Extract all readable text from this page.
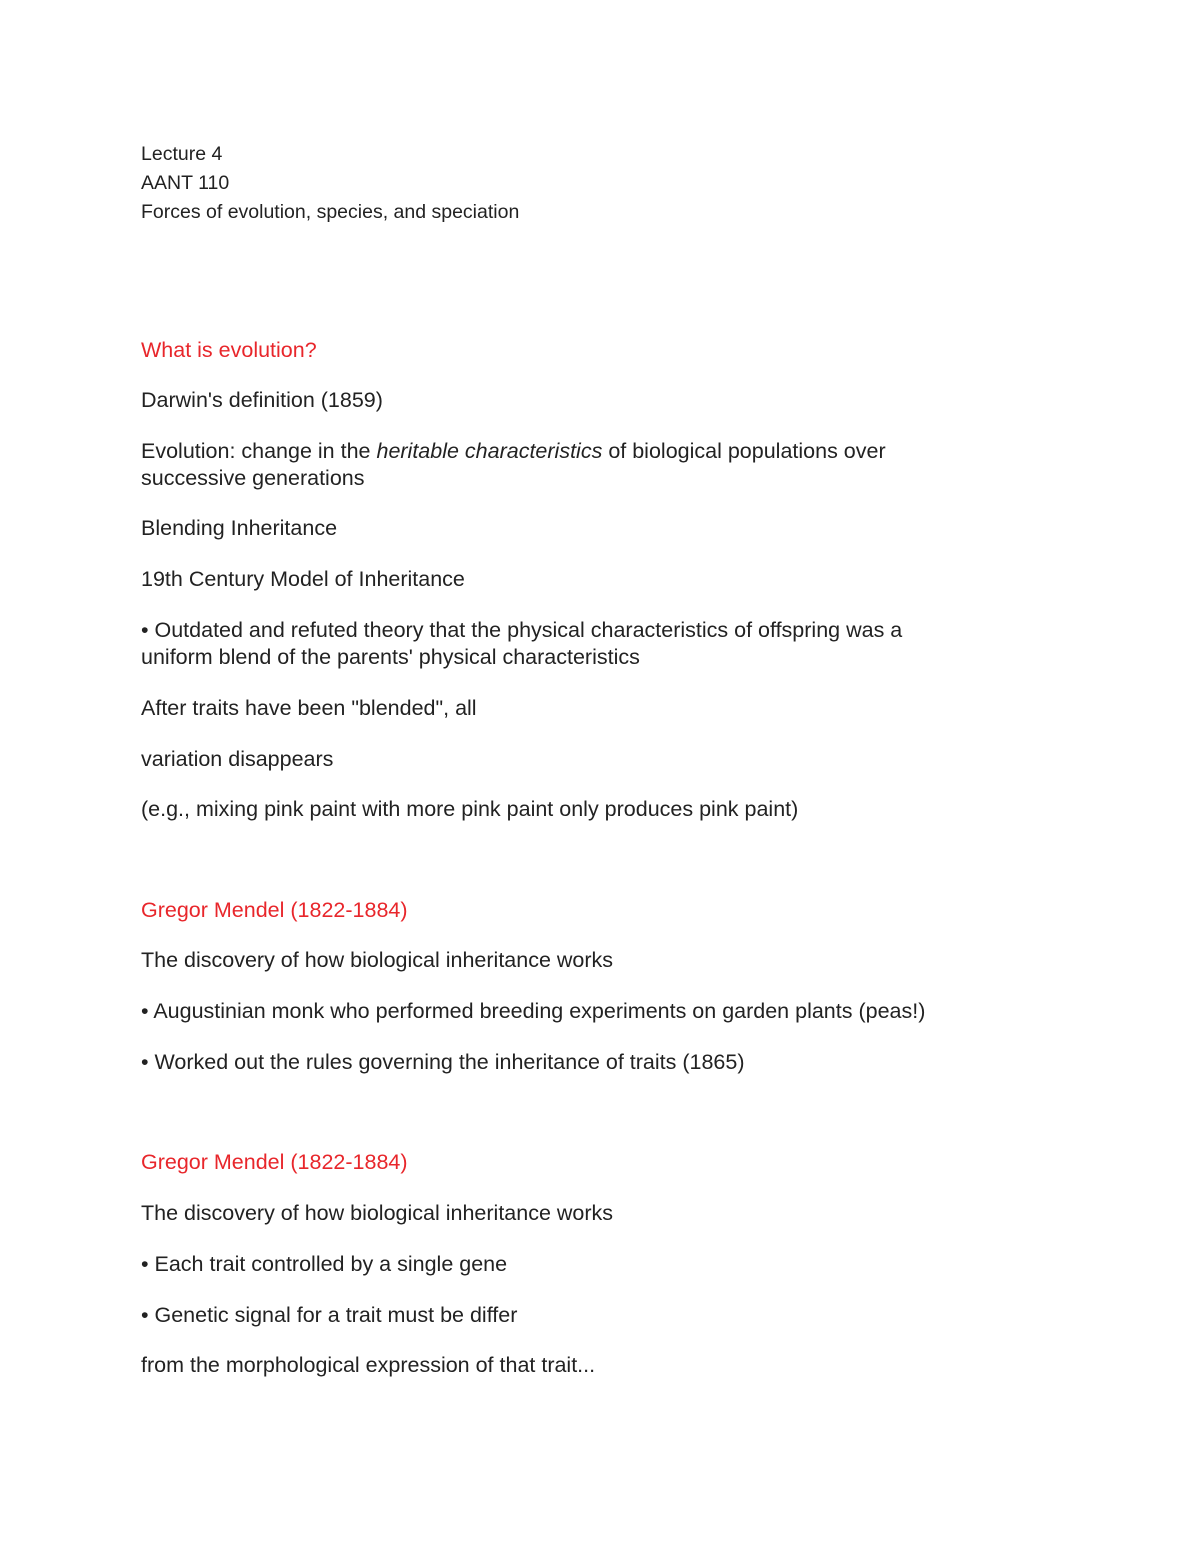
Lecture 4

AANT 110

Forces of evolution, species, and speciation

What is evolution?

Darwin's definition (1859)

Evolution: change in the heritable characteristics of biological populations over

successive generations

Blending Inheritance

19th Century Model of Inheritance

• Outdated and refuted theory that the physical characteristics of offspring was a

uniform blend of the parents' physical characteristics

After traits have been "blended", all

variation disappears

(e.g., mixing pink paint with more pink paint only produces pink paint)

Gregor Mendel (1822-1884)

The discovery of how biological inheritance works

• Augustinian monk who performed breeding experiments on garden plants (peas!)

• Worked out the rules governing the inheritance of traits (1865)

Gregor Mendel (1822-1884)

The discovery of how biological inheritance works

• Each trait controlled by a single gene

• Genetic signal for a trait must be differ

from the morphological expression of that trait...
